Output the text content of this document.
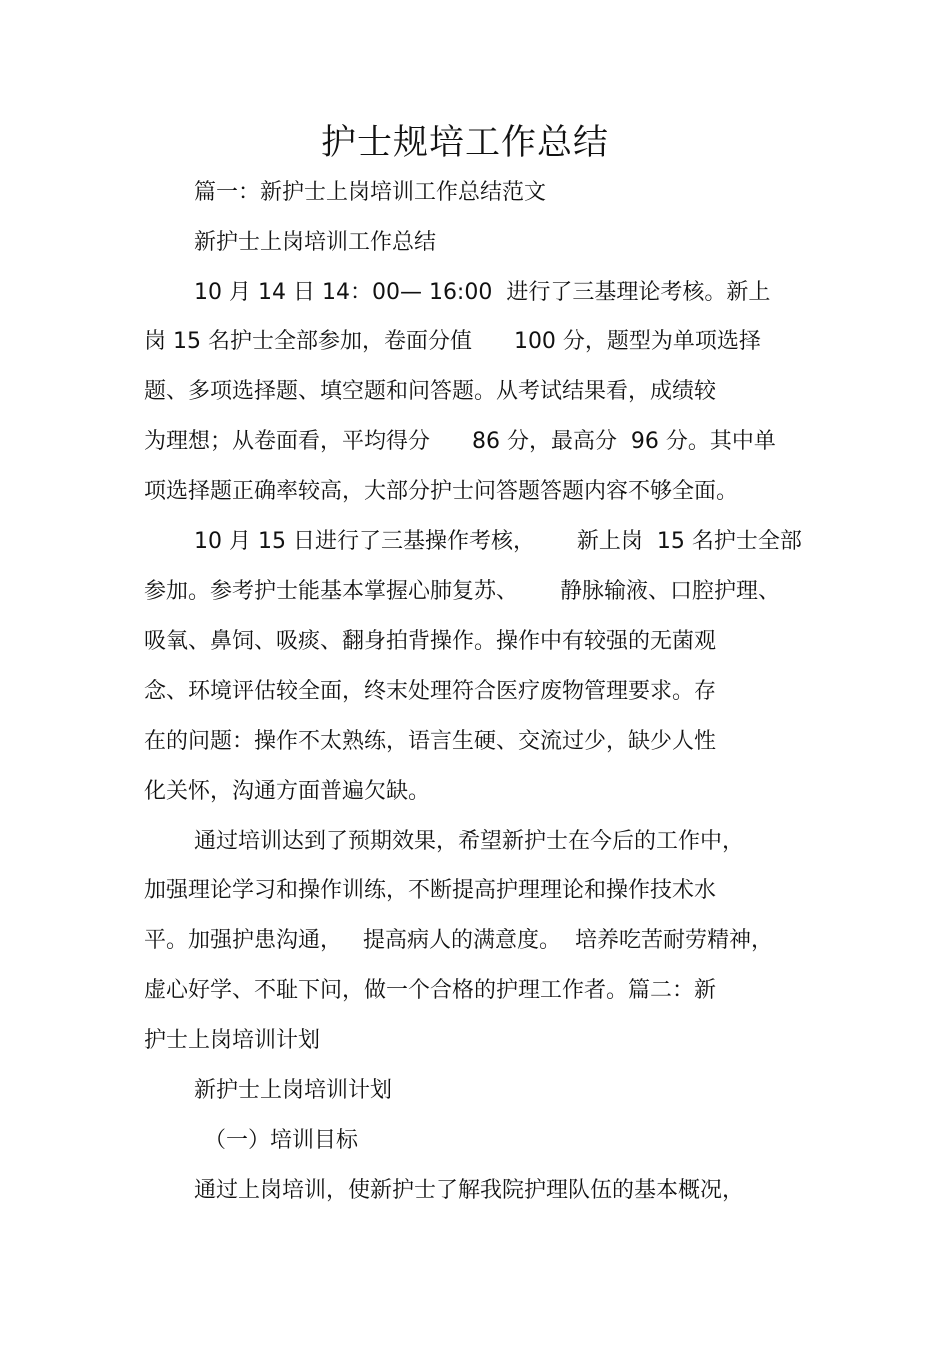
护士规培工作总结
篇一：新护士上岗培训工作总结范文
新护士上岗培训工作总结
10 月 14 日 14：00— 16:00  进行了三基理论考核。新上
岗 15 名护士全部参加，卷面分值      100 分，题型为单项选择
题、多项选择题、填空题和问答题。从考试结果看，成绩较
为理想；从卷面看，平均得分      86 分，最高分  96 分。其中单
项选择题正确率较高，大部分护士问答题答题内容不够全面。
10 月 15 日进行了三基操作考核，      新上岗  15 名护士全部
参加。参考护士能基本掌握心肺复苏、      静脉输液、口腔护理、
吸氧、鼻饲、吸痰、翻身拍背操作。操作中有较强的无菌观
念、环境评估较全面，终末处理符合医疗废物管理要求。存
在的问题：操作不太熟练，语言生硬、交流过少，缺少人性
化关怀，沟通方面普遍欠缺。
通过培训达到了预期效果，希望新护士在今后的工作中，
加强理论学习和操作训练，不断提高护理理论和操作技术水
平。加强护患沟通，   提高病人的满意度。  培养吃苦耐劳精神，
虚心好学、不耻下问，做一个合格的护理工作者。篇二：新
护士上岗培训计划
新护士上岗培训计划
（一）培训目标
通过上岗培训，使新护士了解我院护理队伍的基本概况，
